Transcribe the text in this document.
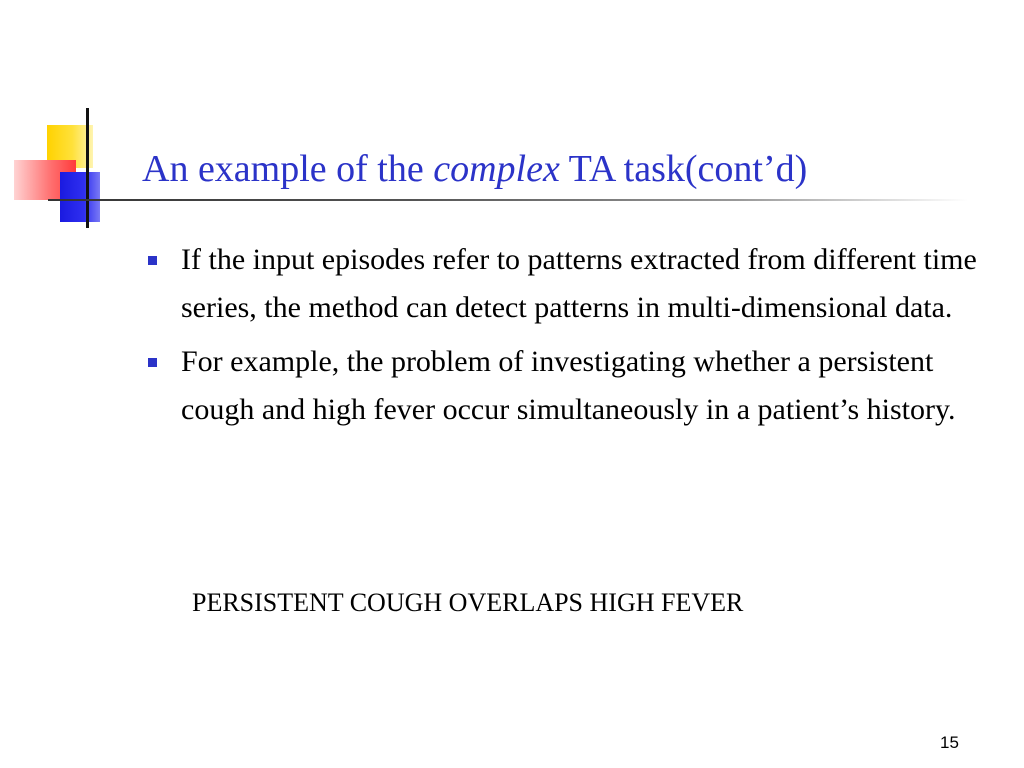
An example of the complex TA task(cont’d)
If the input episodes refer to patterns extracted from different time series, the method can detect patterns in multi-dimensional data.
For example, the problem of investigating whether a persistent cough and high fever occur simultaneously in a patient’s history.
PERSISTENT COUGH OVERLAPS HIGH FEVER
15
